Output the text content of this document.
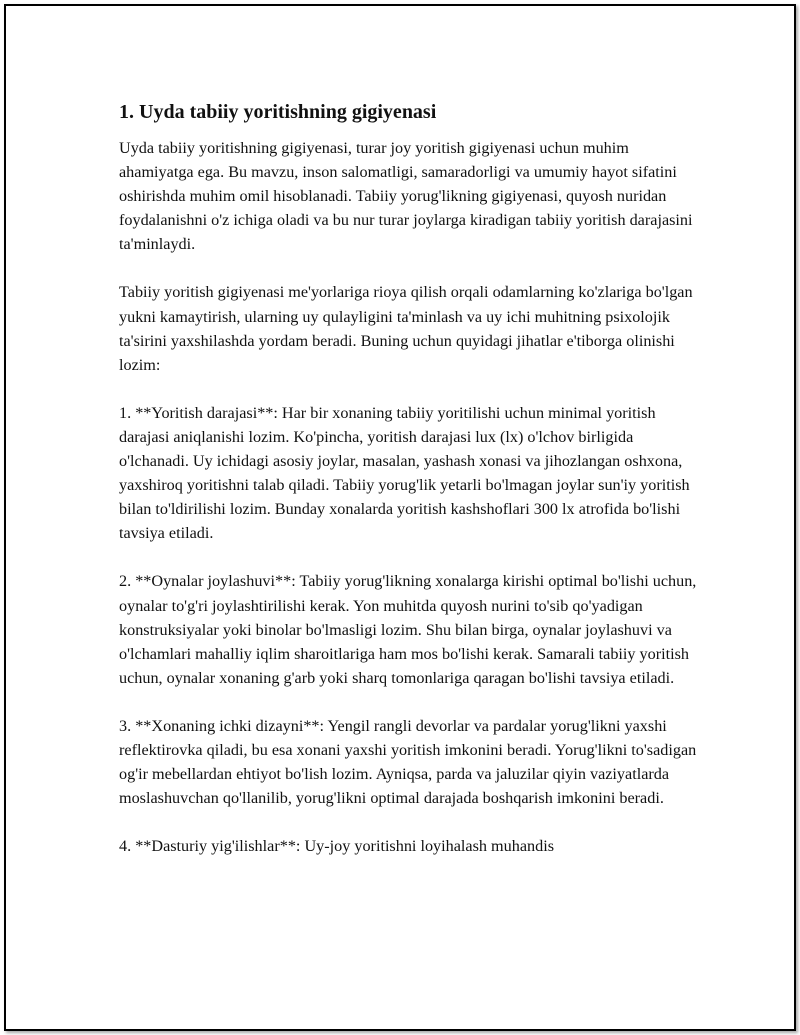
1. Uyda tabiiy yoritishning gigiyenasi

Uyda tabiiy yoritishning gigiyenasi, turar joy yoritish gigiyenasi uchun muhim ahamiyatga ega. Bu mavzu, inson salomatligi, samaradorligi va umumiy hayot sifatini oshirishda muhim omil hisoblanadi. Tabiiy yorug'likning gigiyenasi, quyosh nuridan foydalanishni o'z ichiga oladi va bu nur turar joylarga kiradigan tabiiy yoritish darajasini ta'minlaydi.

Tabiiy yoritish gigiyenasi me'yorlariga rioya qilish orqali odamlarning ko'zlariga bo'lgan yukni kamaytirish, ularning uy qulayligini ta'minlash va uy ichi muhitning psixolojik ta'sirini yaxshilashda yordam beradi. Buning uchun quyidagi jihatlar e'tiborga olinishi lozim:

1. **Yoritish darajasi**: Har bir xonaning tabiiy yoritilishi uchun minimal yoritish darajasi aniqlanishi lozim. Ko'pincha, yoritish darajasi lux (lx) o'lchov birligida o'lchanadi. Uy ichidagi asosiy joylar, masalan, yashash xonasi va jihozlangan oshxona, yaxshiroq yoritishni talab qiladi. Tabiiy yorug'lik yetarli bo'lmagan joylar sun'iy yoritish bilan to'ldirilishi lozim. Bunday xonalarda yoritish kashshoflari 300 lx atrofida bo'lishi tavsiya etiladi.

2. **Oynalar joylashuvi**: Tabiiy yorug'likning xonalarga kirishi optimal bo'lishi uchun, oynalar to'g'ri joylashtirilishi kerak. Yon muhitda quyosh nurini to'sib qo'yadigan konstruksiyalar yoki binolar bo'lmasligi lozim. Shu bilan birga, oynalar joylashuvi va o'lchamlari mahalliy iqlim sharoitlariga ham mos bo'lishi kerak. Samarali tabiiy yoritish uchun, oynalar xonaning g'arb yoki sharq tomonlariga qaragan bo'lishi tavsiya etiladi.

3. **Xonaning ichki dizayni**: Yengil rangli devorlar va pardalar yorug'likni yaxshi reflektirovka qiladi, bu esa xonani yaxshi yoritish imkonini beradi. Yorug'likni to'sadigan og'ir mebellardan ehtiyot bo'lish lozim. Ayniqsa, parda va jaluzilar qiyin vaziyatlarda moslashuvchan qo'llanilib, yorug'likni optimal darajada boshqarish imkonini beradi.

4. **Dasturiy yig'ilishlar**: Uy-joy yoritishni loyihalash muhandis
